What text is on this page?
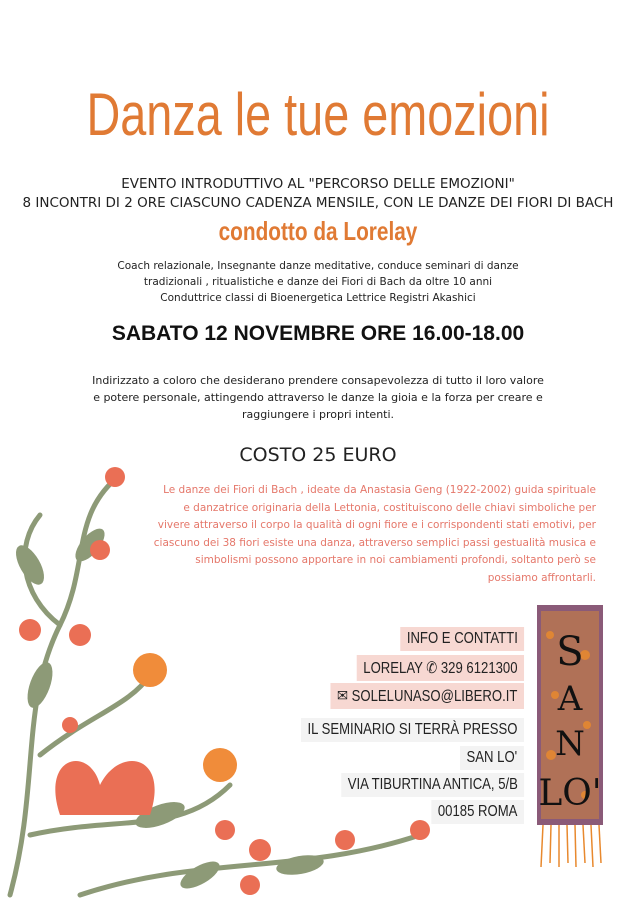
Danza le tue emozioni
EVENTO INTRODUTTIVO AL "PERCORSO DELLE EMOZIONI"
8 INCONTRI DI 2 ORE CIASCUNO CADENZA MENSILE, CON LE DANZE DEI FIORI DI BACH
condotto da Lorelay
Coach relazionale, Insegnante danze meditative, conduce seminari di danze
tradizionali , ritualistiche e danze dei Fiori di Bach da oltre 10 anni
Conduttrice classi di Bioenergetica Lettrice Registri Akashici
SABATO 12 NOVEMBRE ORE 16.00-18.00
Indirizzato a coloro che desiderano prendere consapevolezza di tutto il loro valore
e potere personale, attingendo attraverso le danze la gioia e la forza per creare e
raggiungere i propri intenti.
COSTO 25 EURO
Le danze dei Fiori di Bach , ideate da Anastasia Geng (1922-2002) guida spirituale
e danzatrice originaria della Lettonia, costituiscono delle chiavi simboliche per
vivere attraverso il corpo la qualità di ogni fiore e i corrispondenti stati emotivi, per
ciascuno dei 38 fiori esiste una danza, attraverso semplici passi gestualità musica e
simbolismi possono apportare in noi cambiamenti profondi, soltanto però se
possiamo affrontarli.
INFO E CONTATTI
LORELAY ✆ 329 6121300
✉ SOLELUNASO@LIBERO.IT
IL SEMINARIO SI TERRÀ PRESSO
SAN LO'
VIA TIBURTINA ANTICA, 5/B
00185 ROMA
S
A
N
LO'
